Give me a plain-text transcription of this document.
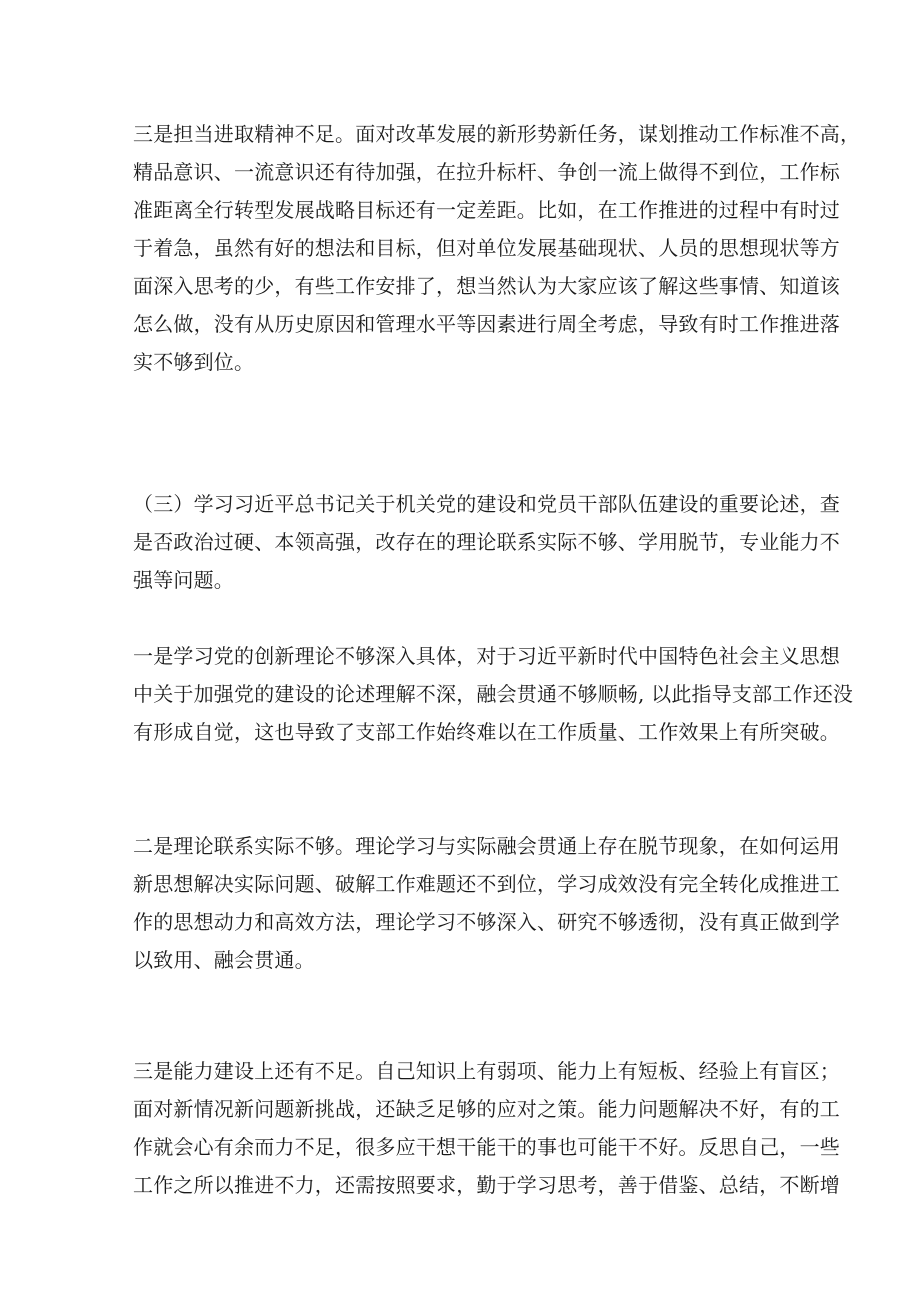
三是担当进取精神不足。面对改革发展的新形势新任务，谋划推动工作标准不高，
精品意识、一流意识还有待加强，在拉升标杆、争创一流上做得不到位，工作标
准距离全行转型发展战略目标还有一定差距。比如，在工作推进的过程中有时过
于着急，虽然有好的想法和目标，但对单位发展基础现状、人员的思想现状等方
面深入思考的少，有些工作安排了，想当然认为大家应该了解这些事情、知道该
怎么做，没有从历史原因和管理水平等因素进行周全考虑，导致有时工作推进落
实不够到位。
（三）学习习近平总书记关于机关党的建设和党员干部队伍建设的重要论述，查
是否政治过硬、本领高强，改存在的理论联系实际不够、学用脱节，专业能力不
强等问题。
一是学习党的创新理论不够深入具体，对于习近平新时代中国特色社会主义思想
中关于加强党的建设的论述理解不深，融会贯通不够顺畅, 以此指导支部工作还没
有形成自觉，这也导致了支部工作始终难以在工作质量、工作效果上有所突破。
二是理论联系实际不够。理论学习与实际融会贯通上存在脱节现象，在如何运用
新思想解决实际问题、破解工作难题还不到位，学习成效没有完全转化成推进工
作的思想动力和高效方法，理论学习不够深入、研究不够透彻，没有真正做到学
以致用、融会贯通。
三是能力建设上还有不足。自己知识上有弱项、能力上有短板、经验上有盲区；
面对新情况新问题新挑战，还缺乏足够的应对之策。能力问题解决不好，有的工
作就会心有余而力不足，很多应干想干能干的事也可能干不好。反思自己，一些
工作之所以推进不力，还需按照要求，勤于学习思考，善于借鉴、总结，不断增
